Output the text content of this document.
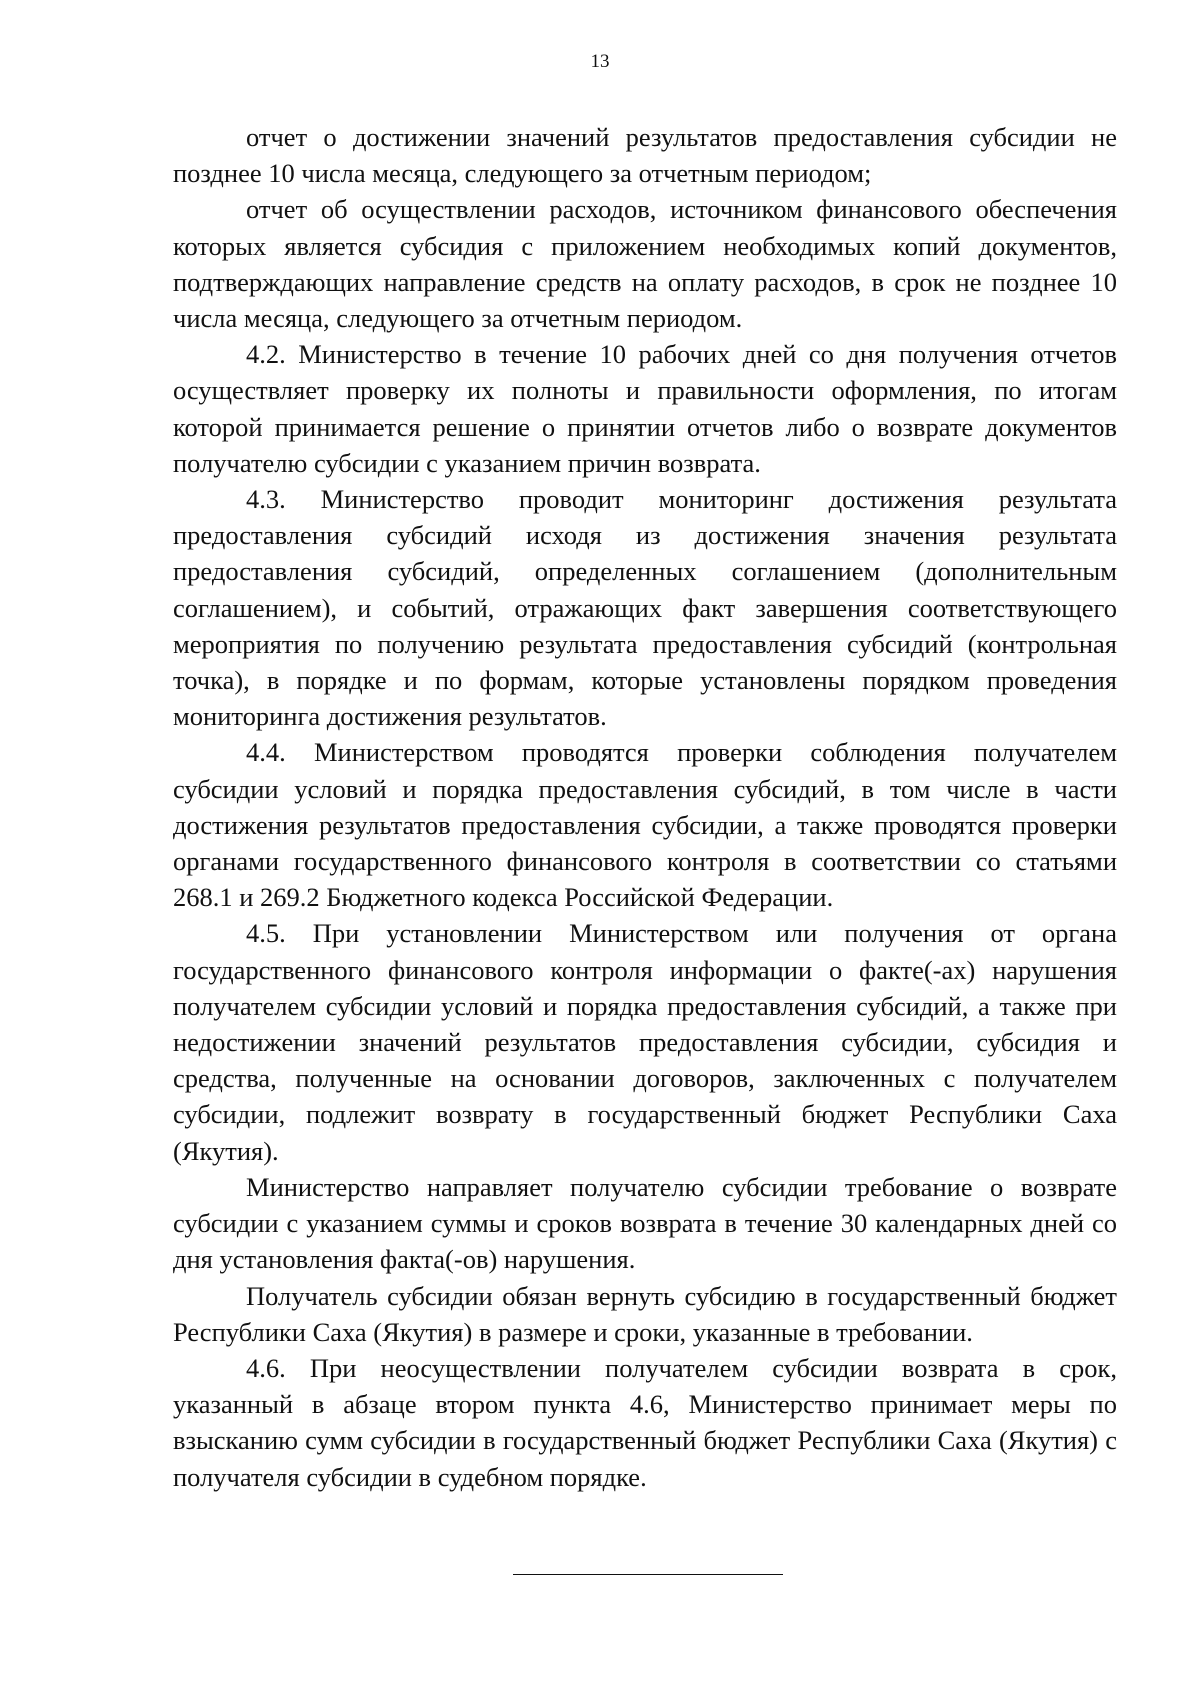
13

отчет о достижении значений результатов предоставления субсидии не позднее 10 числа месяца, следующего за отчетным периодом;

отчет об осуществлении расходов, источником финансового обеспечения которых является субсидия с приложением необходимых копий документов, подтверждающих направление средств на оплату расходов, в срок не позднее 10 числа месяца, следующего за отчетным периодом.

4.2. Министерство в течение 10 рабочих дней со дня получения отчетов осуществляет проверку их полноты и правильности оформления, по итогам которой принимается решение о принятии отчетов либо о возврате документов получателю субсидии с указанием причин возврата.

4.3. Министерство проводит мониторинг достижения результата предоставления субсидий исходя из достижения значения результата предоставления субсидий, определенных соглашением (дополнительным соглашением), и событий, отражающих факт завершения соответствующего мероприятия по получению результата предоставления субсидий (контрольная точка), в порядке и по формам, которые установлены порядком проведения мониторинга достижения результатов.

4.4. Министерством проводятся проверки соблюдения получателем субсидии условий и порядка предоставления субсидий, в том числе в части достижения результатов предоставления субсидии, а также проводятся проверки органами государственного финансового контроля в соответствии со статьями 268.1 и 269.2 Бюджетного кодекса Российской Федерации.

4.5. При установлении Министерством или получения от органа государственного финансового контроля информации о факте(-ах) нарушения получателем субсидии условий и порядка предоставления субсидий, а также при недостижении значений результатов предоставления субсидии, субсидия и средства, полученные на основании договоров, заключенных с получателем субсидии, подлежит возврату в государственный бюджет Республики Саха (Якутия).

Министерство направляет получателю субсидии требование о возврате субсидии с указанием суммы и сроков возврата в течение 30 календарных дней со дня установления факта(-ов) нарушения.

Получатель субсидии обязан вернуть субсидию в государственный бюджет Республики Саха (Якутия) в размере и сроки, указанные в требовании.

4.6. При неосуществлении получателем субсидии возврата в срок, указанный в абзаце втором пункта 4.6, Министерство принимает меры по взысканию сумм субсидии в государственный бюджет Республики Саха (Якутия) с получателя субсидии в судебном порядке.
